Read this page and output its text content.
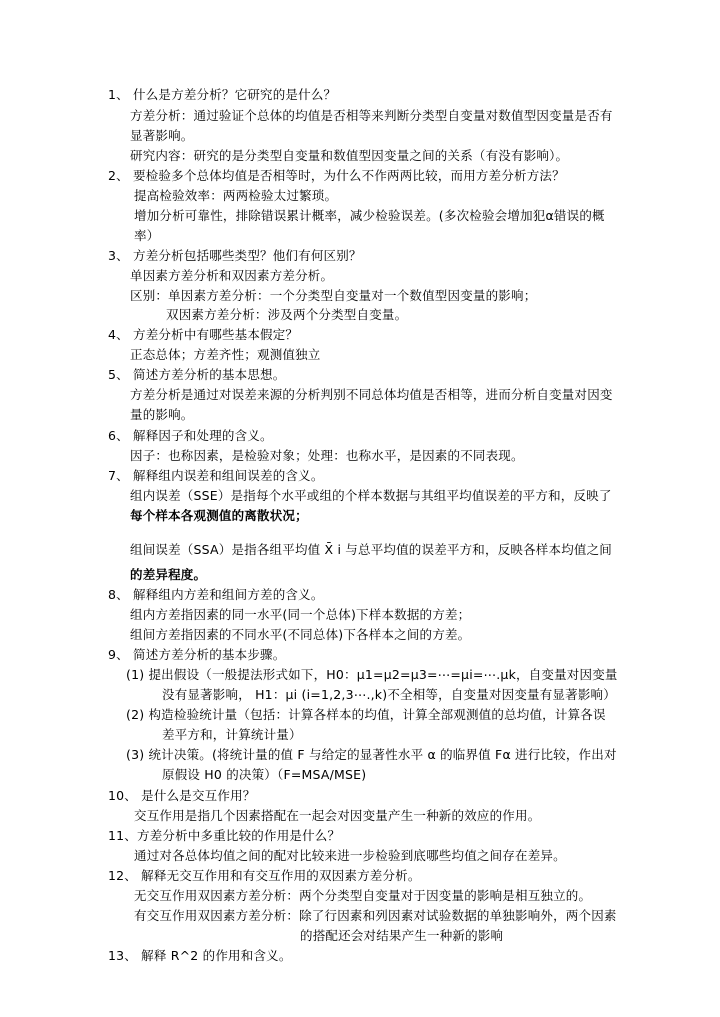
1、 什么是方差分析？它研究的是什么？
方差分析：通过验证个总体的均值是否相等来判断分类型自变量对数值型因变量是否有
显著影响。
研究内容：研究的是分类型自变量和数值型因变量之间的关系（有没有影响）。
2、 要检验多个总体均值是否相等时，为什么不作两两比较，而用方差分析方法？
提高检验效率：两两检验太过繁琐。
增加分析可靠性，排除错误累计概率，减少检验误差。(多次检验会增加犯α错误的概
率）
3、 方差分析包括哪些类型？他们有何区别？
单因素方差分析和双因素方差分析。
区别：单因素方差分析：一个分类型自变量对一个数值型因变量的影响；
双因素方差分析：涉及两个分类型自变量。
4、 方差分析中有哪些基本假定？
正态总体；方差齐性；观测值独立
5、 简述方差分析的基本思想。
方差分析是通过对误差来源的分析判别不同总体均值是否相等，进而分析自变量对因变
量的影响。
6、 解释因子和处理的含义。
因子：也称因素，是检验对象；处理：也称水平，是因素的不同表现。
7、 解释组内误差和组间误差的含义。
组内误差（SSE）是指每个水平或组的个样本数据与其组平均值误差的平方和，反映了
每个样本各观测值的离散状况；
组间误差（SSA）是指各组平均值 X̄ i 与总平均值的误差平方和，反映各样本均值之间
的差异程度。
8、 解释组内方差和组间方差的含义。
组内方差指因素的同一水平(同一个总体)下样本数据的方差；
组间方差指因素的不同水平(不同总体)下各样本之间的方差。
9、 简述方差分析的基本步骤。
(1) 提出假设（一般提法形式如下，H0：μ1=μ2=μ3=⋯=μi=⋯.μk，自变量对因变量
没有显著影响， H1：μi (i=1,2,3⋯.,k)不全相等，自变量对因变量有显著影响）
(2) 构造检验统计量（包括：计算各样本的均值，计算全部观测值的总均值，计算各误
差平方和，计算统计量）
(3) 统计决策。(将统计量的值 F 与给定的显著性水平 α 的临界值 Fα 进行比较，作出对
原假设 H0 的决策）（F=MSA/MSE)
10、 是什么是交互作用？
交互作用是指几个因素搭配在一起会对因变量产生一种新的效应的作用。
11、方差分析中多重比较的作用是什么？
通过对各总体均值之间的配对比较来进一步检验到底哪些均值之间存在差异。
12、 解释无交互作用和有交互作用的双因素方差分析。
无交互作用双因素方差分析：两个分类型自变量对于因变量的影响是相互独立的。
有交互作用双因素方差分析：除了行因素和列因素对试验数据的单独影响外，两个因素
的搭配还会对结果产生一种新的影响
13、 解释 R^2 的作用和含义。
